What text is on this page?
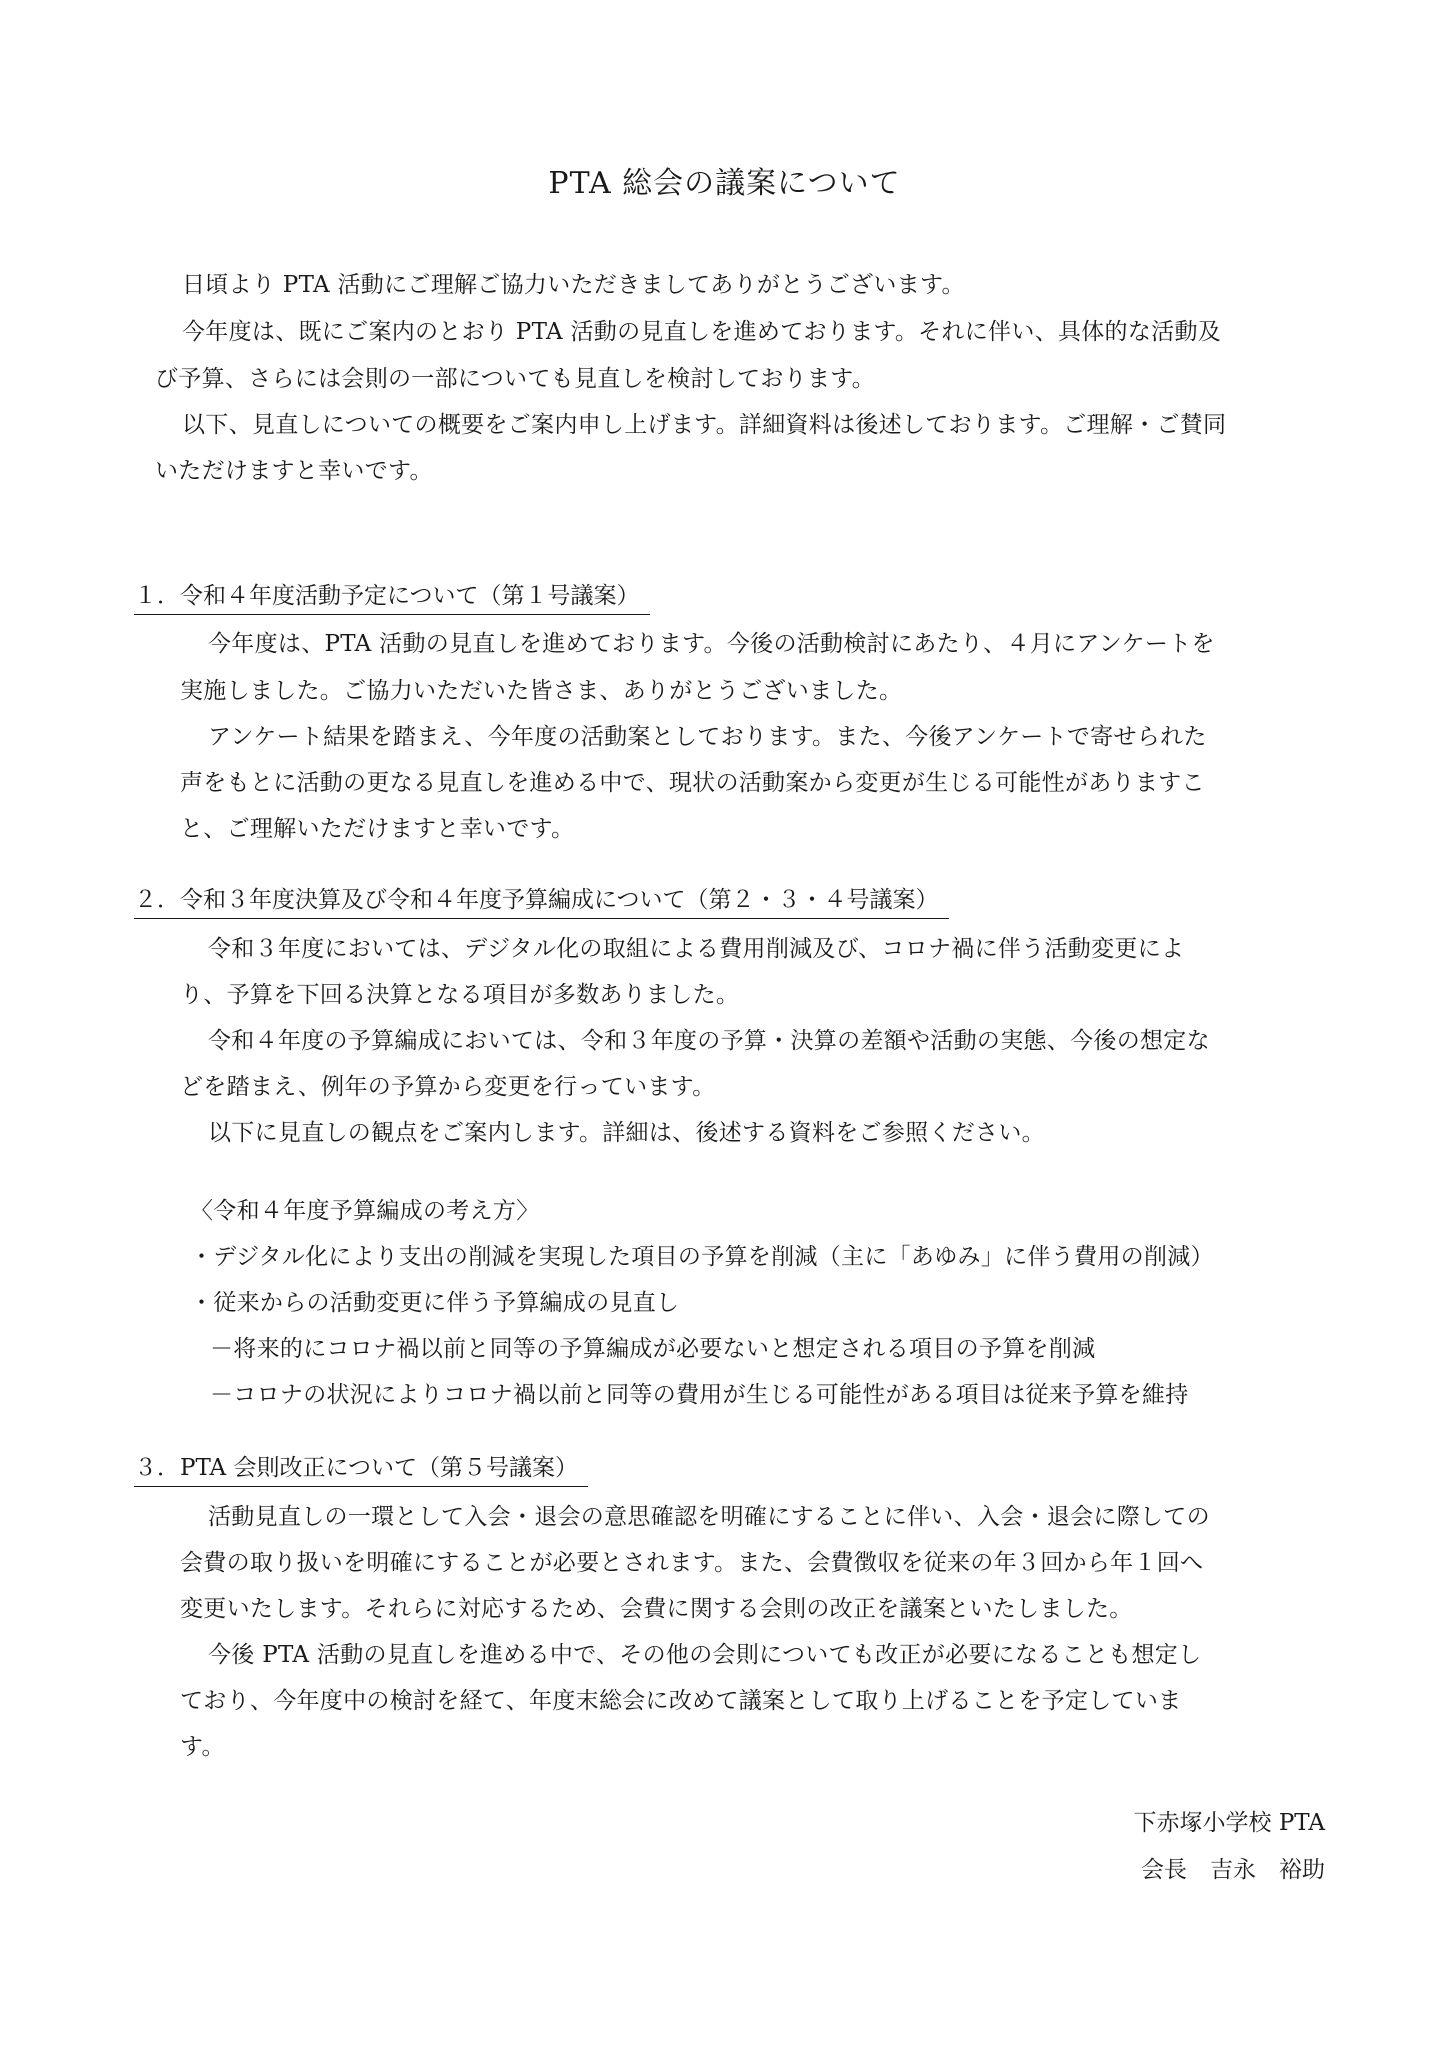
PTA 総会の議案について
日頃より PTA 活動にご理解ご協力いただきましてありがとうございます。
今年度は、既にご案内のとおり PTA 活動の見直しを進めております。それに伴い、具体的な活動及
び予算、さらには会則の一部についても見直しを検討しております。
以下、見直しについての概要をご案内申し上げます。詳細資料は後述しております。ご理解・ご賛同
いただけますと幸いです。
１．令和４年度活動予定について（第１号議案）
今年度は、PTA 活動の見直しを進めております。今後の活動検討にあたり、４月にアンケートを
実施しました。ご協力いただいた皆さま、ありがとうございました。
アンケート結果を踏まえ、今年度の活動案としております。また、今後アンケートで寄せられた
声をもとに活動の更なる見直しを進める中で、現状の活動案から変更が生じる可能性がありますこ
と、ご理解いただけますと幸いです。
２．令和３年度決算及び令和４年度予算編成について（第２・３・４号議案）
令和３年度においては、デジタル化の取組による費用削減及び、コロナ禍に伴う活動変更によ
り、予算を下回る決算となる項目が多数ありました。
令和４年度の予算編成においては、令和３年度の予算・決算の差額や活動の実態、今後の想定な
どを踏まえ、例年の予算から変更を行っています。
以下に見直しの観点をご案内します。詳細は、後述する資料をご参照ください。
〈令和４年度予算編成の考え方〉
・デジタル化により支出の削減を実現した項目の予算を削減（主に「あゆみ」に伴う費用の削減）
・従来からの活動変更に伴う予算編成の見直し
－将来的にコロナ禍以前と同等の予算編成が必要ないと想定される項目の予算を削減
－コロナの状況によりコロナ禍以前と同等の費用が生じる可能性がある項目は従来予算を維持
３．PTA 会則改正について（第５号議案）
活動見直しの一環として入会・退会の意思確認を明確にすることに伴い、入会・退会に際しての
会費の取り扱いを明確にすることが必要とされます。また、会費徴収を従来の年３回から年１回へ
変更いたします。それらに対応するため、会費に関する会則の改正を議案といたしました。
今後 PTA 活動の見直しを進める中で、その他の会則についても改正が必要になることも想定し
ており、今年度中の検討を経て、年度末総会に改めて議案として取り上げることを予定していま
す。
下赤塚小学校 PTA
会長　吉永　裕助
